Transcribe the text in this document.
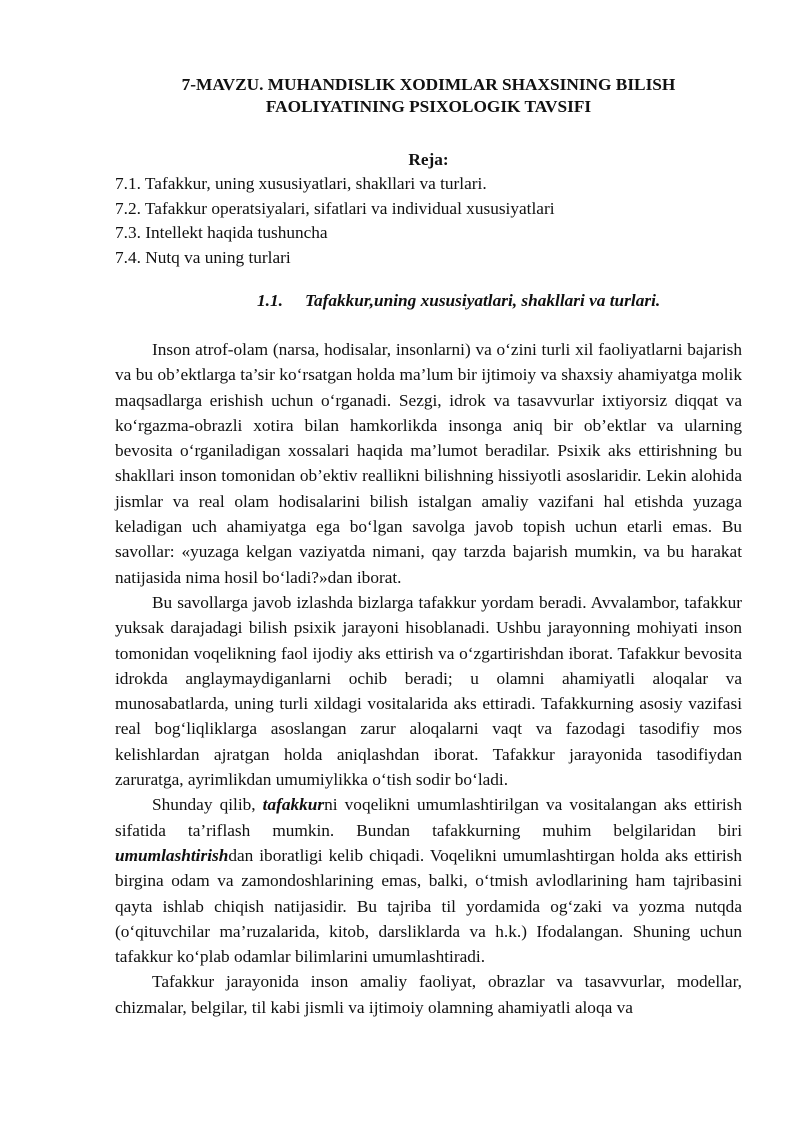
7-MAVZU. MUHANDISLIK XODIMLAR SHAXSINING BILISH
FAOLIYATINING PSIXOLOGIK TAVSIFI
Reja:
7.1. Tafakkur, uning xususiyatlari, shakllari va turlari.
7.2. Tafakkur operatsiyalari, sifatlari va individual xususiyatlari
7.3. Intellekt haqida tushuncha
7.4. Nutq va uning turlari
1.1. Tafakkur,uning xususiyatlari, shakllari va turlari.

Inson atrof-olam (narsa, hodisalar, insonlarni) va o‘zini turli xil faoliyatlarni bajarish va bu ob’ektlarga ta’sir ko‘rsatgan holda ma’lum bir ijtimoiy va shaxsiy ahamiyatga molik maqsadlarga erishish uchun o‘rganadi. Sezgi, idrok va tasavvurlar ixtiyorsiz diqqat va ko‘rgazma-obrazli xotira bilan hamkorlikda insonga aniq bir ob’ektlar va ularning bevosita o‘rganiladigan xossalari haqida ma’lumot beradilar. Psixik aks ettirishning bu shakllari inson tomonidan ob’ektiv reallikni bilishning hissiyotli asoslaridir. Lekin alohida jismlar va real olam hodisalarini bilish istalgan amaliy vazifani hal etishda yuzaga keladigan uch ahamiyatga ega bo‘lgan savolga javob topish uchun etarli emas. Bu savollar: «yuzaga kelgan vaziyatda nimani, qay tarzda bajarish mumkin, va bu harakat natijasida nima hosil bo‘ladi?»dan iborat.

Bu savollarga javob izlashda bizlarga tafakkur yordam beradi. Avvalambor, tafakkur yuksak darajadagi bilish psixik jarayoni hisoblanadi. Ushbu jarayonning mohiyati inson tomonidan voqelikning faol ijodiy aks ettirish va o‘zgartirishdan iborat. Tafakkur bevosita idrokda anglaymaydiganlarni ochib beradi; u olamni ahamiyatli aloqalar va munosabatlarda, uning turli xildagi vositalarida aks ettiradi. Tafakkurning asosiy vazifasi real bog‘liqliklarga asoslangan zarur aloqalarni vaqt va fazodagi tasodifiy mos kelishlardan ajratgan holda aniqlashdan iborat. Tafakkur jarayonida tasodifiydan zaruratga, ayrimlikdan umumiylikka o‘tish sodir bo‘ladi.

Shunday qilib, tafakkurni voqelikni umumlashtirilgan va vositalangan aks ettirish sifatida ta’riflash mumkin. Bundan tafakkurning muhim belgilaridan biri umumlashtirishdan iboratligi kelib chiqadi. Voqelikni umumlashtirgan holda aks ettirish birgina odam va zamondoshlarining emas, balki, o‘tmish avlodlarining ham tajribasini qayta ishlab chiqish natijasidir. Bu tajriba til yordamida og‘zaki va yozma nutqda (o‘qituvchilar ma’ruzalarida, kitob, darsliklarda va h.k.) Ifodalangan. Shuning uchun tafakkur ko‘plab odamlar bilimlarini umumlashtiradi.

Tafakkur jarayonida inson amaliy faoliyat, obrazlar va tasavvurlar, modellar, chizmalar, belgilar, til kabi jismli va ijtimoiy olamning ahamiyatli aloqa va
